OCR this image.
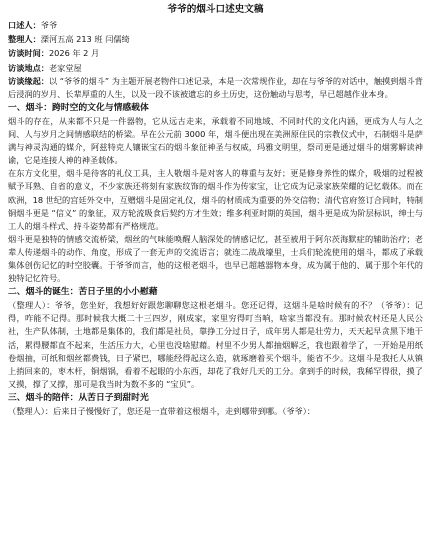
爷爷的烟斗口述史文稿

口述人：爷爷

整理人：溧河五高 213 班 闫儒绮

访谈时间：2026 年 2 月

访谈地点：老家堂屋

访谈缘起：以 “爷爷的烟斗” 为主题开展老物件口述记录，本是一次常规作业，却在与爷爷的对话中，触摸到烟斗背后浸润的岁月、长辈厚重的人生，以及一段不该被遗忘的乡土历史，这份触动与思考，早已超越作业本身。

一、烟斗：跨时空的文化与情感载体

烟斗的存在，从来都不只是一件器物，它从远古走来，承载着不同地域、不同时代的文化内涵，更成为人与人之间、人与岁月之间情感联结的桥梁。早在公元前 3000 年，烟斗便出现在美洲原住民的宗教仪式中，石制烟斗是萨满与神灵沟通的媒介，阿兹特克人镶嵌宝石的烟斗象征神圣与权威，玛雅文明里，祭司更是通过烟斗的烟雾解读神谕，它是连接人神的神圣载体。

在东方文化里，烟斗是待客的礼仪工具，主人敬烟斗是对客人的尊重与友好；更是修身养性的媒介，吸烟的过程被赋予耳熟、自省的意义，不少家族还将刻有家族纹饰的烟斗作为传家宝，让它成为记录家族荣耀的记忆载体。而在欧洲，18 世纪的宫廷外交中，互赠烟斗是固定礼仪，烟斗的材质成为重要的外交信物；清代官府签订合同时，特制铜烟斗更是 “信义” 的象征，双方轮流吸食后契约方才生效；维多利亚时期的英国，烟斗更是成为阶层标识，绅士与工人的烟斗样式、持斗姿势都有严格规范。

烟斗更是独特的情感交流桥梁，烟丝的气味能唤醒人脑深处的情感记忆，甚至被用于阿尔茨海默症的辅助治疗；老辈人传递烟斗的动作、角度，形成了一套无声的交流语言；就连二战战壕里，士兵们轮流使用的烟斗，都成了承载集体创伤记忆的时空胶囊。于爷爷而言，他的这根老烟斗，也早已超越器物本身，成为属于他的、属于那个年代的独特记忆符号。

二、烟斗的诞生：苦日子里的小小慰藉

（整理人）：爷爷，您坐好，我想好好跟您聊聊您这根老烟斗。您还记得，这烟斗是啥时候有的不？（爷爷）：记得，咋能不记得。那时候我大概二十三四岁，刚成家，家里穷得叮当响，啥家当都没有。那时候农村还是人民公社，生产队体制，土地都是集体的，我们都是社员，靠挣工分过日子，成年男人都是壮劳力，天天起早贪黑下地干活，累得腰都直不起来，生活压力大，心里也没啥慰藉。村里不少男人都抽烟解乏，我也跟着学了，一开始是用纸卷烟抽，可纸和烟丝都费钱，日子紧巴，哪能经得起这么造，就琢磨着买个烟斗，能省不少。这烟斗是我托人从镇上捎回来的，枣木杆，铜烟锅，看着不起眼的小东西，却花了我好几天的工分。拿到手的时候，我稀罕得很，摸了又摸，撑了又撑，那可是我当时为数不多的 “宝贝”。

三、烟斗的陪伴：从苦日子到甜时光

（整理人）：后来日子慢慢好了，您还是一直带着这根烟斗，走到哪带到哪。（爷爷）：
